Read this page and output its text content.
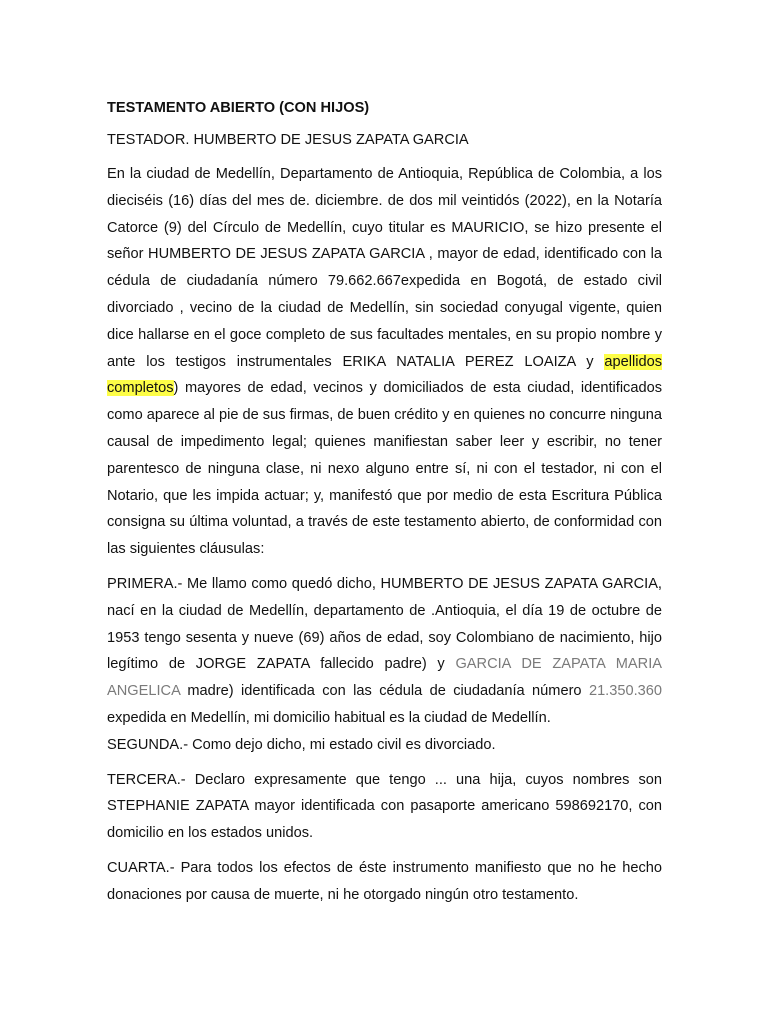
TESTAMENTO ABIERTO (CON HIJOS)

TESTADOR. HUMBERTO DE JESUS ZAPATA GARCIA

En la ciudad de Medellín, Departamento de Antioquia, República de Colombia, a los dieciséis (16) días del mes de. diciembre. de dos mil veintidós (2022), en la Notaría Catorce (9) del Círculo de Medellín, cuyo titular es MAURICIO, se hizo presente el señor HUMBERTO DE JESUS ZAPATA GARCIA , mayor de edad, identificado con la cédula de ciudadanía número 79.662.667expedida en Bogotá, de estado civil divorciado , vecino de la ciudad de Medellín, sin sociedad conyugal vigente, quien dice hallarse en el goce completo de sus facultades mentales, en su propio nombre y ante los testigos instrumentales ERIKA NATALIA PEREZ LOAIZA y apellidos completos) mayores de edad, vecinos y domiciliados de esta ciudad, identificados como aparece al pie de sus firmas, de buen crédito y en quienes no concurre ninguna causal de impedimento legal; quienes manifiestan saber leer y escribir, no tener parentesco de ninguna clase, ni nexo alguno entre sí, ni con el testador, ni con el Notario, que les impida actuar; y, manifestó que por medio de esta Escritura Pública consigna su última voluntad, a través de este testamento abierto, de conformidad con las siguientes cláusulas:

PRIMERA.- Me llamo como quedó dicho, HUMBERTO DE JESUS ZAPATA GARCIA, nací en la ciudad de Medellín, departamento de .Antioquia, el día 19 de octubre de 1953 tengo sesenta y nueve (69) años de edad, soy Colombiano de nacimiento, hijo legítimo de JORGE ZAPATA fallecido padre) y GARCIA DE ZAPATA MARIA ANGELICA madre) identificada con las cédula de ciudadanía número 21.350.360 expedida en Medellín, mi domicilio habitual es la ciudad de Medellín.

SEGUNDA.- Como dejo dicho, mi estado civil es divorciado.

TERCERA.- Declaro expresamente que tengo ... una hija, cuyos nombres son STEPHANIE ZAPATA mayor identificada con pasaporte americano 598692170, con domicilio en los estados unidos.

CUARTA.- Para todos los efectos de éste instrumento manifiesto que no he hecho donaciones por causa de muerte, ni he otorgado ningún otro testamento.
